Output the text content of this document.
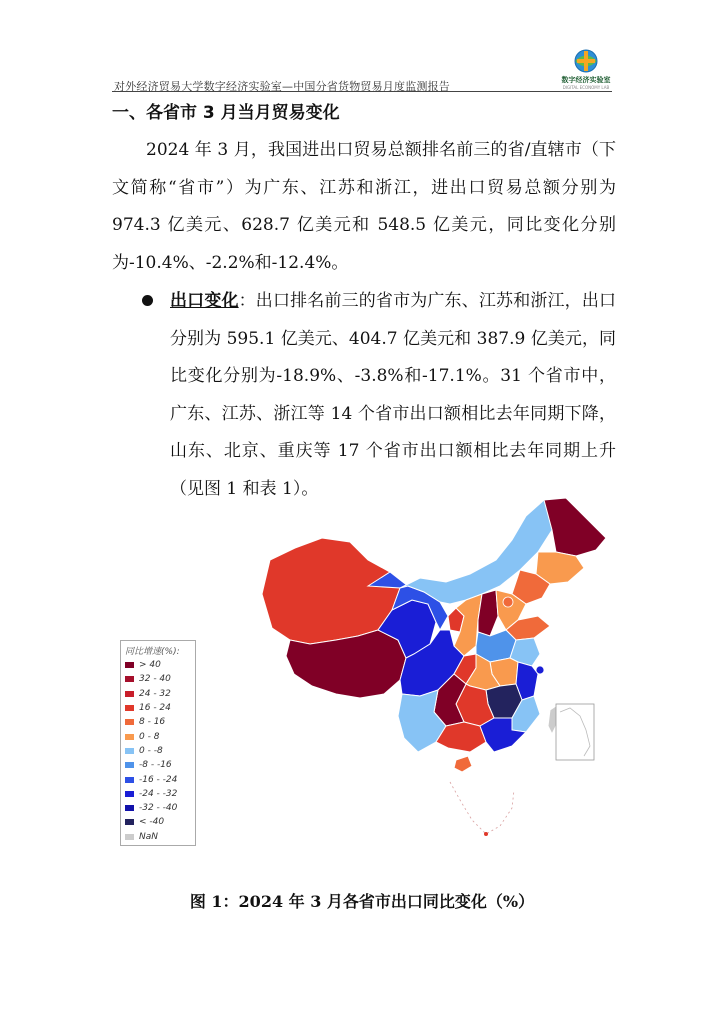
对外经济贸易大学数字经济实验室—中国分省货物贸易月度监测报告	数字经济实验室
DIGITAL ECONOMY LAB
一、各省市 3 月当月贸易变化

2024 年 3 月，我国进出口贸易总额排名前三的省/直辖市（下文简称“省市”）为广东、江苏和浙江，进出口贸易总额分别为 974.3 亿美元、628.7 亿美元和 548.5 亿美元，同比变化分别为-10.4%、-2.2%和-12.4%。

出口变化：出口排名前三的省市为广东、江苏和浙江，出口分别为 595.1 亿美元、404.7 亿美元和 387.9 亿美元，同比变化分别为-18.9%、-3.8%和-17.1%。31 个省市中，广东、江苏、浙江等 14 个省市出口额相比去年同期下降，山东、北京、重庆等 17 个省市出口额相比去年同期上升（见图 1 和表 1）。

同比增速(%):
> 40
32 - 40
24 - 32
16 - 24
8 - 16
0 - 8
0 - -8
-8 - -16
-16 - -24
-24 - -32
-32 - -40
< -40
NaN
图 1：2024 年 3 月各省市出口同比变化（%）
